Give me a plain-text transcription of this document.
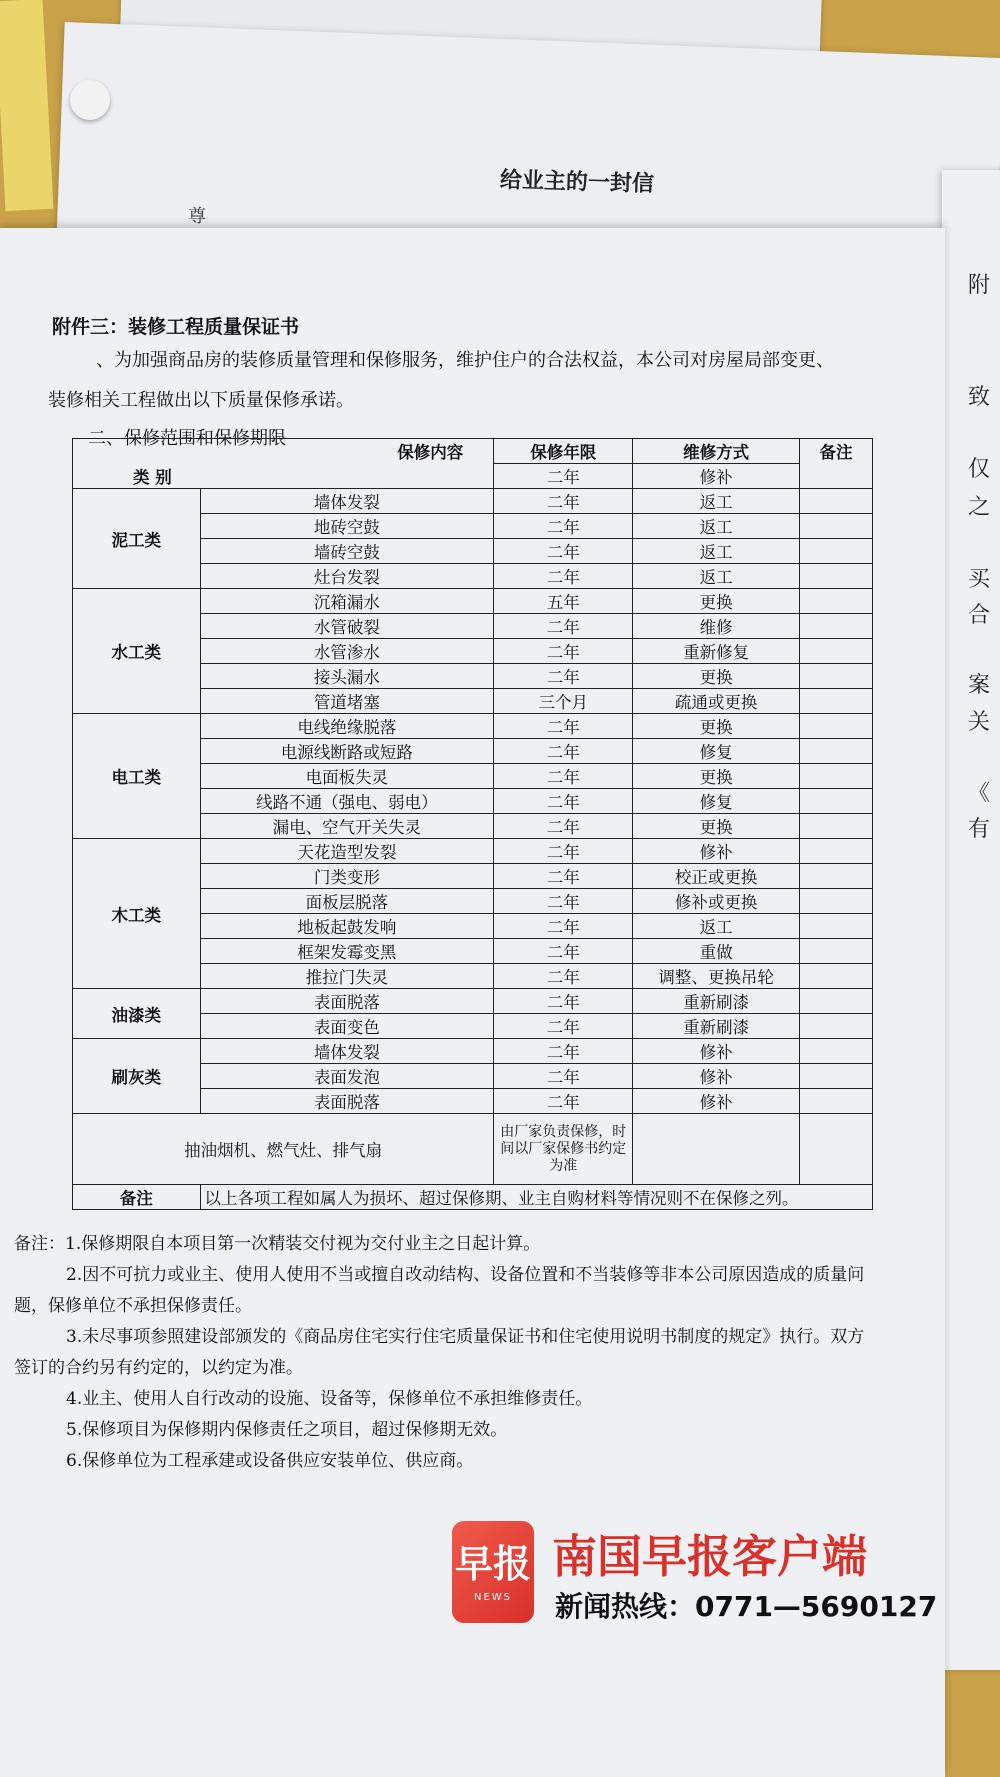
给业主的一封信
尊
附
致
仅
之
买
合
案
关
《
有
附件三：装修工程质量保证书
、为加强商品房的装修质量管理和保修服务，维护住户的合法权益，本公司对房屋局部变更、
装修相关工程做出以下质量保修承诺。
二、保修范围和保修期限
保修内容		保修年限	维修方式	备注
类 别		二年	修补	
泥工类	墙体发裂	二年	返工	
	地砖空鼓	二年	返工	
	墙砖空鼓	二年	返工	
	灶台发裂	二年	返工	
水工类	沉箱漏水	五年	更换	
	水管破裂	二年	维修	
	水管渗水	二年	重新修复	
	接头漏水	二年	更换	
	管道堵塞	三个月	疏通或更换	
电工类	电线绝缘脱落	二年	更换	
	电源线断路或短路	二年	修复	
	电面板失灵	二年	更换	
	线路不通（强电、弱电）	二年	修复	
	漏电、空气开关失灵	二年	更换	
木工类	天花造型发裂	二年	修补	
	门类变形	二年	校正或更换	
	面板层脱落	二年	修补或更换	
	地板起鼓发响	二年	返工	
	框架发霉变黑	二年	重做	
	推拉门失灵	二年	调整、更换吊轮	
油漆类	表面脱落	二年	重新刷漆	
	表面变色	二年	重新刷漆	
刷灰类	墙体发裂	二年	修补	
	表面发泡	二年	修补	
	表面脱落	二年	修补	
抽油烟机、燃气灶、排气扇		由厂家负责保修，时间以厂家保修书约定为准		
备注	以上各项工程如属人为损坏、超过保修期、业主自购材料等情况则不在保修之列。			

备注：1.保修期限自本项目第一次精装交付视为交付业主之日起计算。

2.因不可抗力或业主、使用人使用不当或擅自改动结构、设备位置和不当装修等非本公司原因造成的质量问

题，保修单位不承担保修责任。

3.未尽事项参照建设部颁发的《商品房住宅实行住宅质量保证书和住宅使用说明书制度的规定》执行。双方

签订的合约另有约定的，以约定为准。

4.业主、使用人自行改动的设施、设备等，保修单位不承担维修责任。

5.保修项目为保修期内保修责任之项目，超过保修期无效。

6.保修单位为工程承建或设备供应安装单位、供应商。

早报
NEWS
南国早报客户端
新闻热线：0771—5690127
